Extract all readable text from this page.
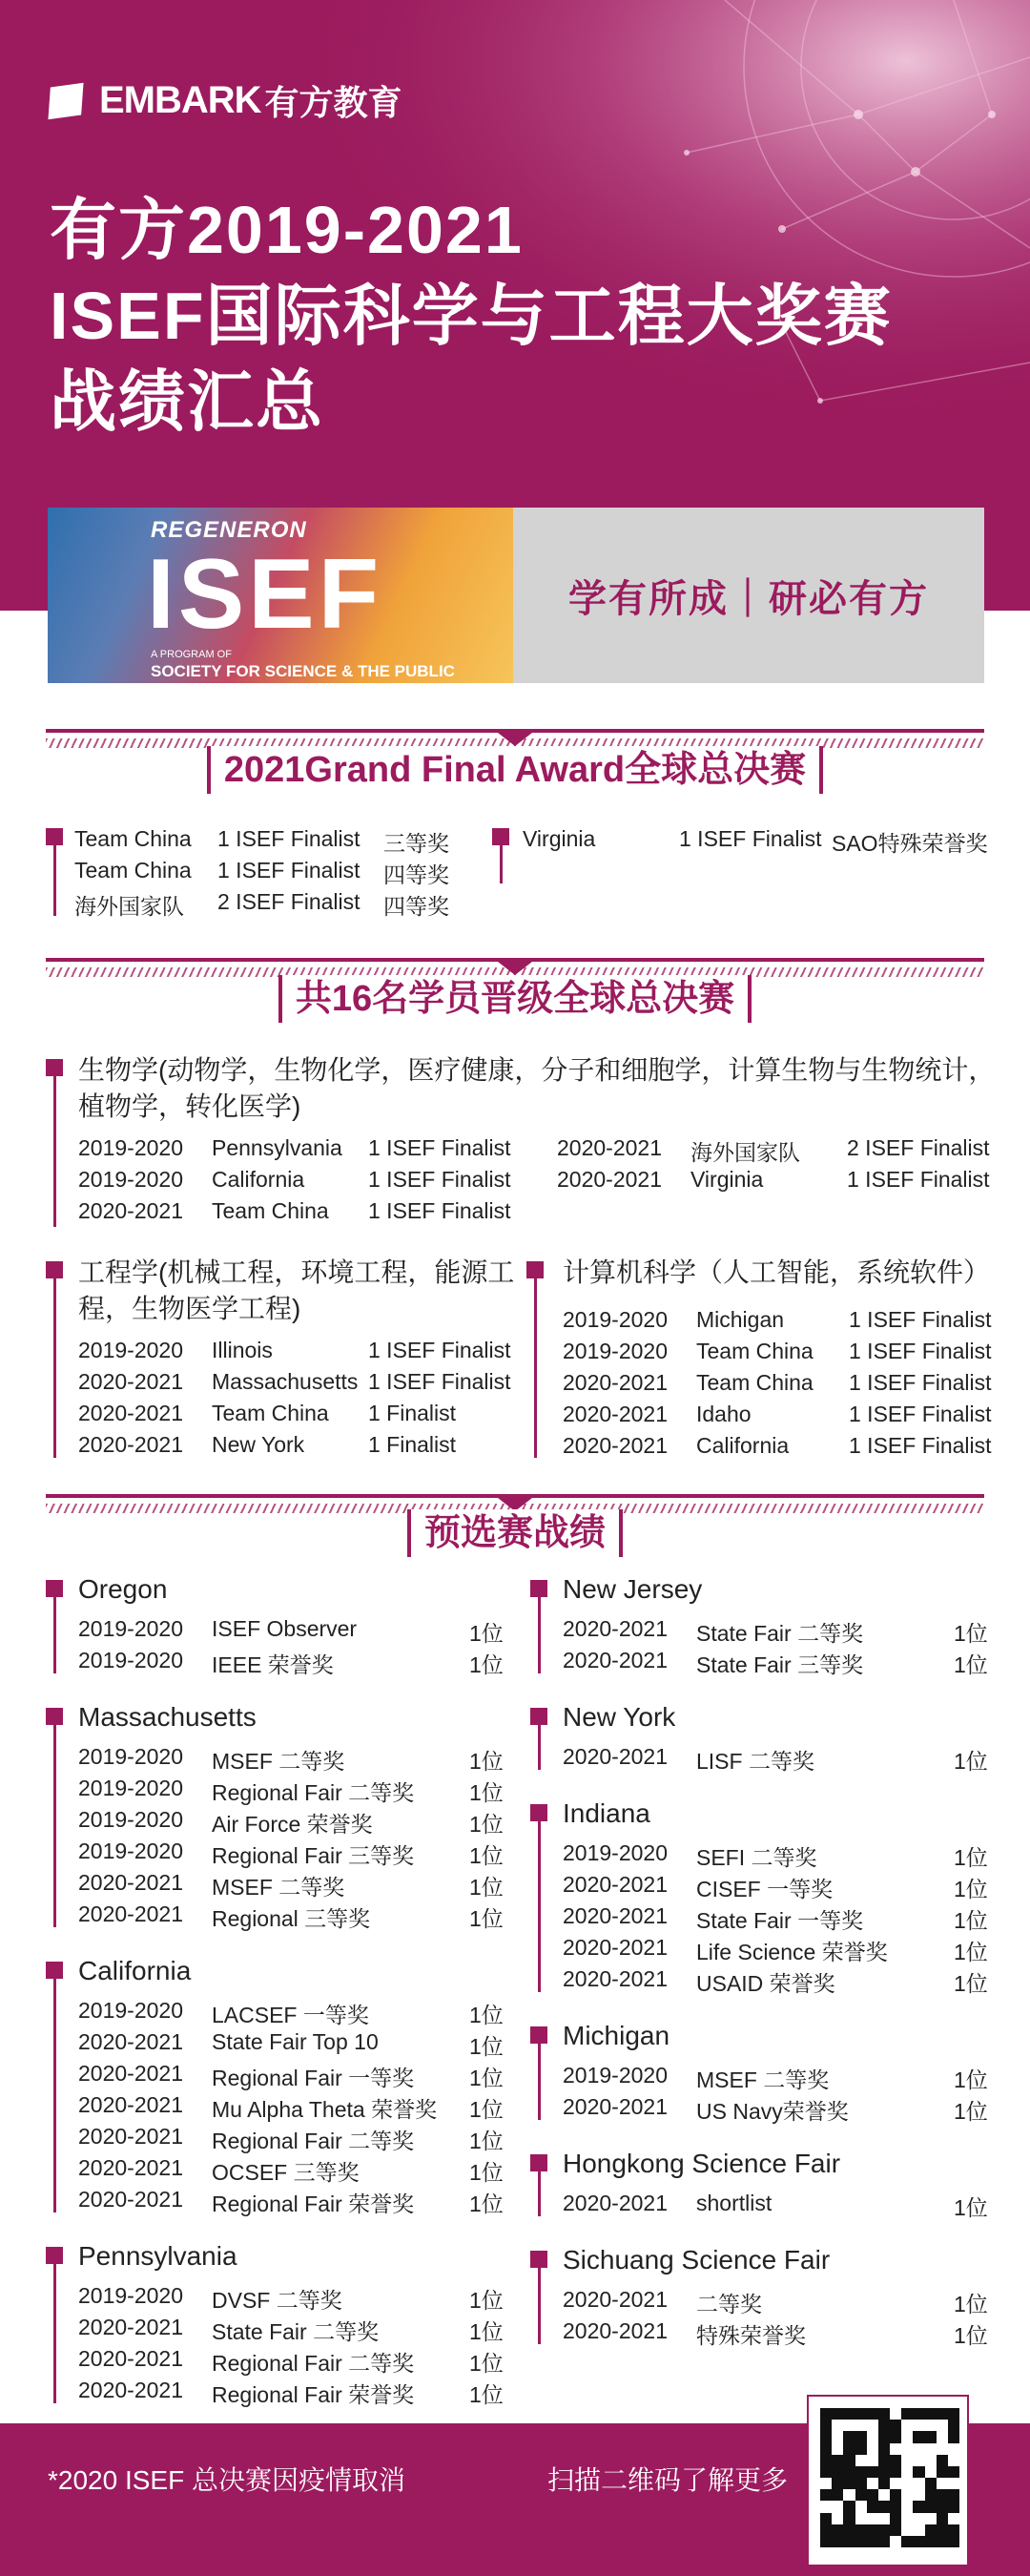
EMBARK 有方教育
有方2019-2021
ISEF国际科学与工程大奖赛
战绩汇总
REGENERON
ISEF
A PROGRAM OF
SOCIETY FOR SCIENCE & THE PUBLIC
学有所成｜研必有方
2021Grand Final Award全球总决赛
Team China 1 ISEF Finalist 三等奖
Team China 1 ISEF Finalist 四等奖
海外国家队 2 ISEF Finalist 四等奖
Virginia	1 ISEF Finalist SAO特殊荣誉奖
共16名学员晋级全球总决赛
生物学(动物学，生物化学，医疗健康，分子和细胞学，计算生物与生物统计，
植物学，转化医学)
2019-2020 Pennsylvania 1 ISEF Finalist
2019-2020 California	1 ISEF Finalist
2020-2021 Team China 1 ISEF Finalist
2020-2021 海外国家队 2 ISEF Finalist
2020-2021 Virginia	1 ISEF Finalist
工程学(机械工程，环境工程，能源工
程，生物医学工程)
2019-2020 Illinois	1 ISEF Finalist
2020-2021 Massachusetts 1 ISEF Finalist
2020-2021 Team China 1 Finalist
2020-2021 New York	1 Finalist
计算机科学（人工智能，系统软件）
2019-2020 Michigan	1 ISEF Finalist
2019-2020 Team China 1 ISEF Finalist
2020-2021 Team China 1 ISEF Finalist
2020-2021 Idaho	1 ISEF Finalist
2020-2021 California	1 ISEF Finalist
预选赛战绩
Oregon
2019-2020 ISEF Observer	1位
2019-2020 IEEE 荣誉奖	1位
Massachusetts
2019-2020 MSEF 二等奖	1位
2019-2020 Regional Fair 二等奖	1位
2019-2020 Air Force 荣誉奖	1位
2019-2020 Regional Fair 三等奖	1位
2020-2021 MSEF 二等奖	1位
2020-2021 Regional 三等奖	1位
California
2019-2020 LACSEF 一等奖	1位
2020-2021 State Fair Top 10	1位
2020-2021 Regional Fair 一等奖	1位
2020-2021 Mu Alpha Theta 荣誉奖 1位
2020-2021 Regional Fair 二等奖	1位
2020-2021 OCSEF 三等奖	1位
2020-2021 Regional Fair 荣誉奖	1位
Pennsylvania
2019-2020 DVSF 二等奖	1位
2020-2021 State Fair 二等奖	1位
2020-2021 Regional Fair 二等奖	1位
2020-2021 Regional Fair 荣誉奖	1位
New Jersey
2020-2021 State Fair 二等奖	1位
2020-2021 State Fair 三等奖	1位
New York
2020-2021 LISF 二等奖	1位
Indiana
2019-2020 SEFI 二等奖	1位
2020-2021 CISEF 一等奖	1位
2020-2021 State Fair 一等奖	1位
2020-2021 Life Science 荣誉奖	1位
2020-2021 USAID 荣誉奖	1位
Michigan
2019-2020 MSEF 二等奖	1位
2020-2021 US Navy荣誉奖	1位
Hongkong Science Fair
2020-2021 shortlist	1位
Sichuang Science Fair
2020-2021 二等奖	1位
2020-2021 特殊荣誉奖	1位
*2020 ISEF 总决赛因疫情取消	扫描二维码了解更多
